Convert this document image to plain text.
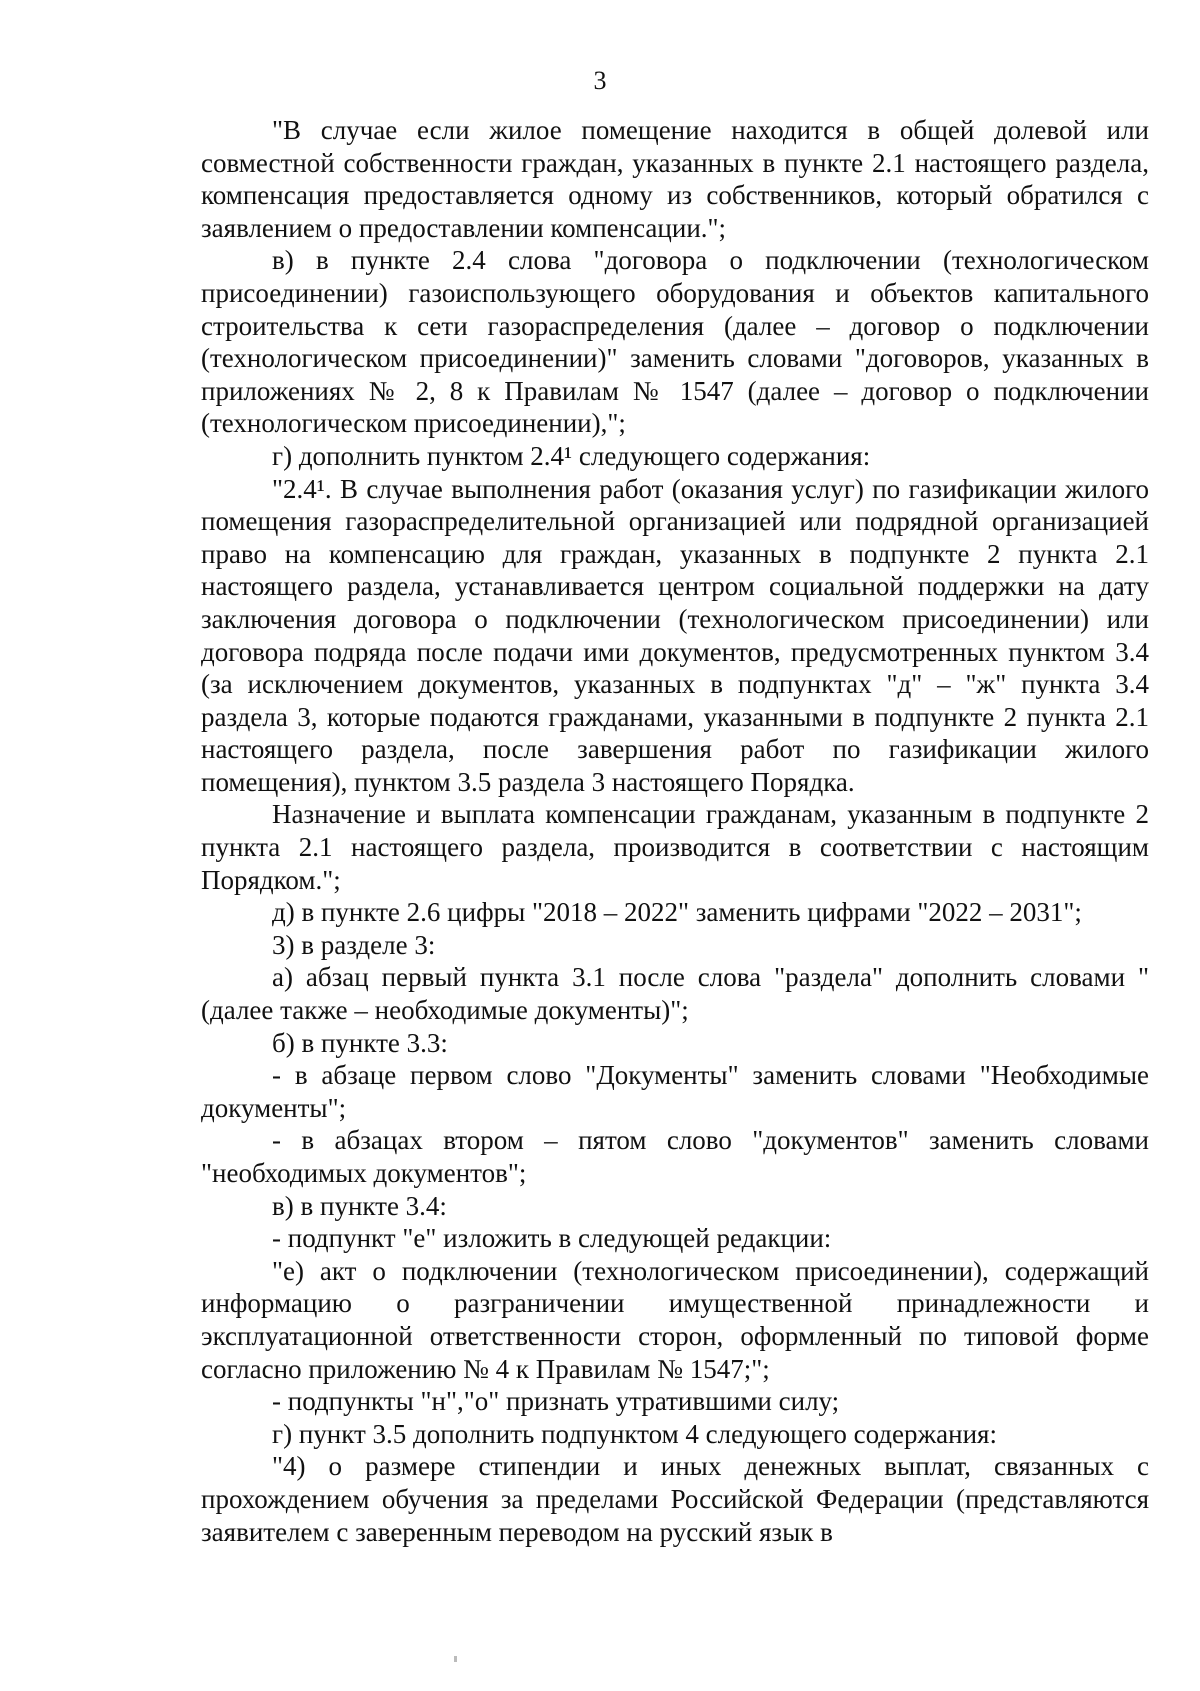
3

"В случае если жилое помещение находится в общей долевой или совместной собственности граждан, указанных в пункте 2.1 настоящего раздела, компенсация предоставляется одному из собственников, который обратился с заявлением о предоставлении компенсации.";

в) в пункте 2.4 слова "договора о подключении (технологическом присоединении) газоиспользующего оборудования и объектов капитального строительства к сети газораспределения (далее – договор о подключении (технологическом присоединении)" заменить словами "договоров, указанных в приложениях № 2, 8 к Правилам № 1547 (далее – договор о подключении (технологическом присоединении),";

г) дополнить пунктом 2.4¹ следующего содержания:

"2.4¹. В случае выполнения работ (оказания услуг) по газификации жилого помещения газораспределительной организацией или подрядной организацией право на компенсацию для граждан, указанных в подпункте 2 пункта 2.1 настоящего раздела, устанавливается центром социальной поддержки на дату заключения договора о подключении (технологическом присоединении) или договора подряда после подачи ими документов, предусмотренных пунктом 3.4 (за исключением документов, указанных в подпунктах "д" – "ж" пункта 3.4 раздела 3, которые подаются гражданами, указанными в подпункте 2 пункта 2.1 настоящего раздела, после завершения работ по газификации жилого помещения), пунктом 3.5 раздела 3 настоящего Порядка.

Назначение и выплата компенсации гражданам, указанным в подпункте 2 пункта 2.1 настоящего раздела, производится в соответствии с настоящим Порядком.";

д) в пункте 2.6 цифры "2018 – 2022" заменить цифрами "2022 – 2031";

3) в разделе 3:

а) абзац первый пункта 3.1 после слова "раздела" дополнить словами "(далее также – необходимые документы)";

б) в пункте 3.3:

- в абзаце первом слово "Документы" заменить словами "Необходимые документы";

- в абзацах втором – пятом слово "документов" заменить словами "необходимых документов";

в) в пункте 3.4:

- подпункт "е" изложить в следующей редакции:

"е) акт о подключении (технологическом присоединении), содержащий информацию о разграничении имущественной принадлежности и эксплуатационной ответственности сторон, оформленный по типовой форме согласно приложению № 4 к Правилам № 1547;";

- подпункты "н","о" признать утратившими силу;

г) пункт 3.5 дополнить подпунктом 4 следующего содержания:

"4) о размере стипендии и иных денежных выплат, связанных с прохождением обучения за пределами Российской Федерации (представляются заявителем с заверенным переводом на русский язык в
